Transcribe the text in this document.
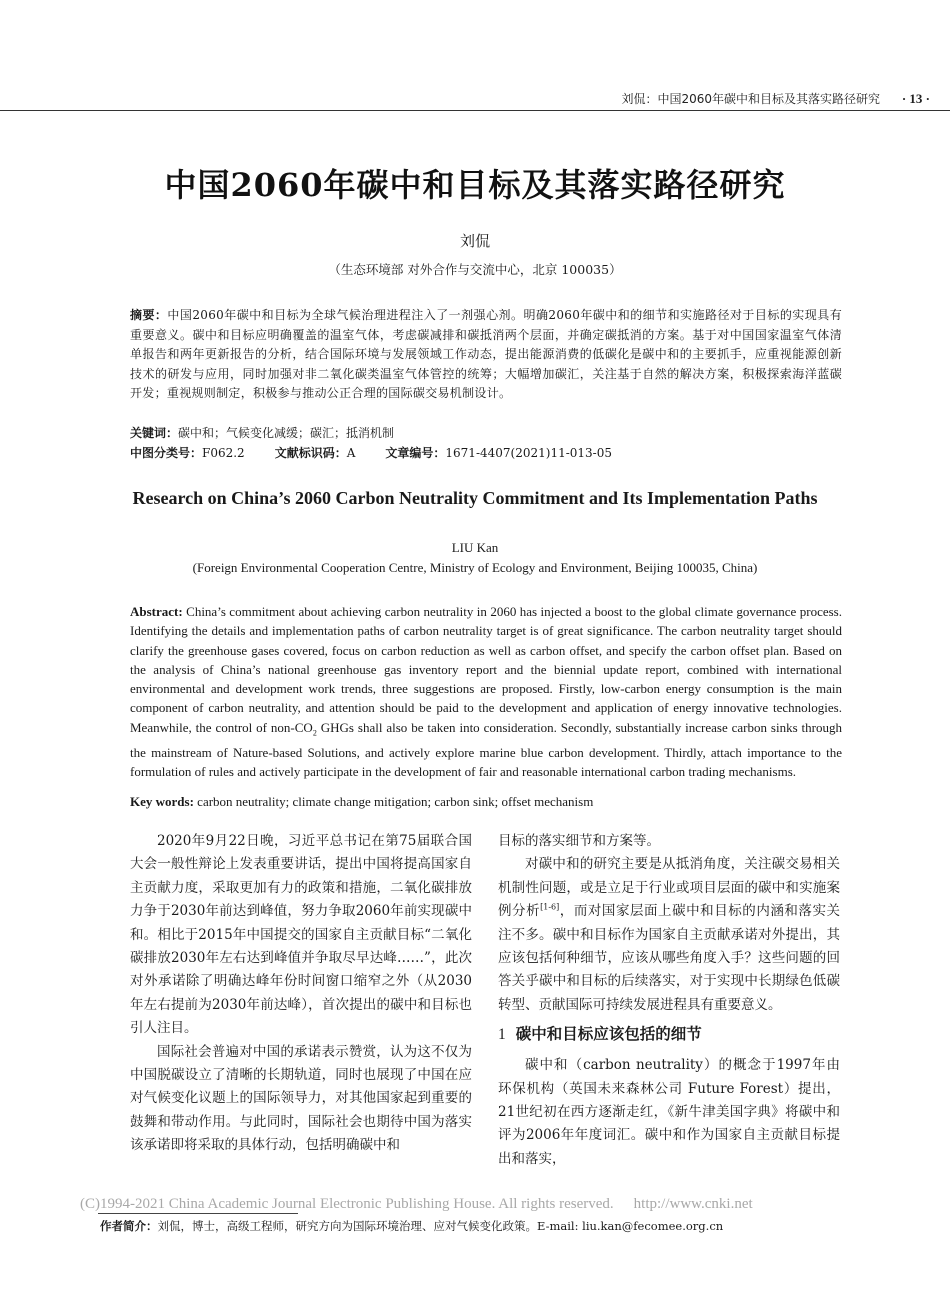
刘侃：中国2060年碳中和目标及其落实路径研究 · 13 ·
中国2060年碳中和目标及其落实路径研究
刘侃
（生态环境部 对外合作与交流中心，北京 100035）
摘要：中国2060年碳中和目标为全球气候治理进程注入了一剂强心剂。明确2060年碳中和的细节和实施路径对于目标的实现具有重要意义。碳中和目标应明确覆盖的温室气体，考虑碳减排和碳抵消两个层面，并确定碳抵消的方案。基于对中国国家温室气体清单报告和两年更新报告的分析，结合国际环境与发展领域工作动态，提出能源消费的低碳化是碳中和的主要抓手，应重视能源创新技术的研发与应用，同时加强对非二氧化碳类温室气体管控的统筹；大幅增加碳汇，关注基于自然的解决方案，积极探索海洋蓝碳开发；重视规则制定，积极参与推动公正合理的国际碳交易机制设计。
关键词：碳中和；气候变化减缓；碳汇；抵消机制
中图分类号：F062.2	文献标识码：A	文章编号：1671-4407(2021)11-013-05
Research on China’s 2060 Carbon Neutrality Commitment and Its Implementation Paths
LIU Kan
(Foreign Environmental Cooperation Centre, Ministry of Ecology and Environment, Beijing 100035, China)
Abstract: China’s commitment about achieving carbon neutrality in 2060 has injected a boost to the global climate governance process. Identifying the details and implementation paths of carbon neutrality target is of great significance. The carbon neutrality target should clarify the greenhouse gases covered, focus on carbon reduction as well as carbon offset, and specify the carbon offset plan. Based on the analysis of China’s national greenhouse gas inventory report and the biennial update report, combined with international environmental and development work trends, three suggestions are proposed. Firstly, low-carbon energy consumption is the main component of carbon neutrality, and attention should be paid to the development and application of energy innovative technologies. Meanwhile, the control of non-$CO_2$ GHGs shall also be taken into consideration. Secondly, substantially increase carbon sinks through the mainstream of Nature-based Solutions, and actively explore marine blue carbon development. Thirdly, attach importance to the formulation of rules and actively participate in the development of fair and reasonable international carbon trading mechanisms.
Key words: carbon neutrality; climate change mitigation; carbon sink; offset mechanism

2020年9月22日晚，习近平总书记在第75届联合国大会一般性辩论上发表重要讲话，提出中国将提高国家自主贡献力度，采取更加有力的政策和措施，二氧化碳排放力争于2030年前达到峰值，努力争取2060年前实现碳中和。相比于2015年中国提交的国家自主贡献目标“二氧化碳排放2030年左右达到峰值并争取尽早达峰……”，此次对外承诺除了明确达峰年份时间窗口缩窄之外（从2030年左右提前为2030年前达峰），首次提出的碳中和目标也引人注目。

国际社会普遍对中国的承诺表示赞赏，认为这不仅为中国脱碳设立了清晰的长期轨道，同时也展现了中国在应对气候变化议题上的国际领导力，对其他国家起到重要的鼓舞和带动作用。与此同时，国际社会也期待中国为落实该承诺即将采取的具体行动，包括明确碳中和

目标的落实细节和方案等。

对碳中和的研究主要是从抵消角度，关注碳交易相关机制性问题，或是立足于行业或项目层面的碳中和实施案例分析[1-6]，而对国家层面上碳中和目标的内涵和落实关注不多。碳中和目标作为国家自主贡献承诺对外提出，其应该包括何种细节，应该从哪些角度入手？这些问题的回答关乎碳中和目标的后续落实，对于实现中长期绿色低碳转型、贡献国际可持续发展进程具有重要意义。

1 碳中和目标应该包括的细节

碳中和（carbon neutrality）的概念于1997年由环保机构（英国未来森林公司 Future Forest）提出，21世纪初在西方逐渐走红，《新牛津美国字典》将碳中和评为2006年年度词汇。碳中和作为国家自主贡献目标提出和落实，

(C)1994-2021 China Academic Journal Electronic Publishing House. All rights reserved. http://www.cnki.net
作者简介：刘侃，博士，高级工程师，研究方向为国际环境治理、应对气候变化政策。E-mail: liu.kan@fecomee.org.cn
